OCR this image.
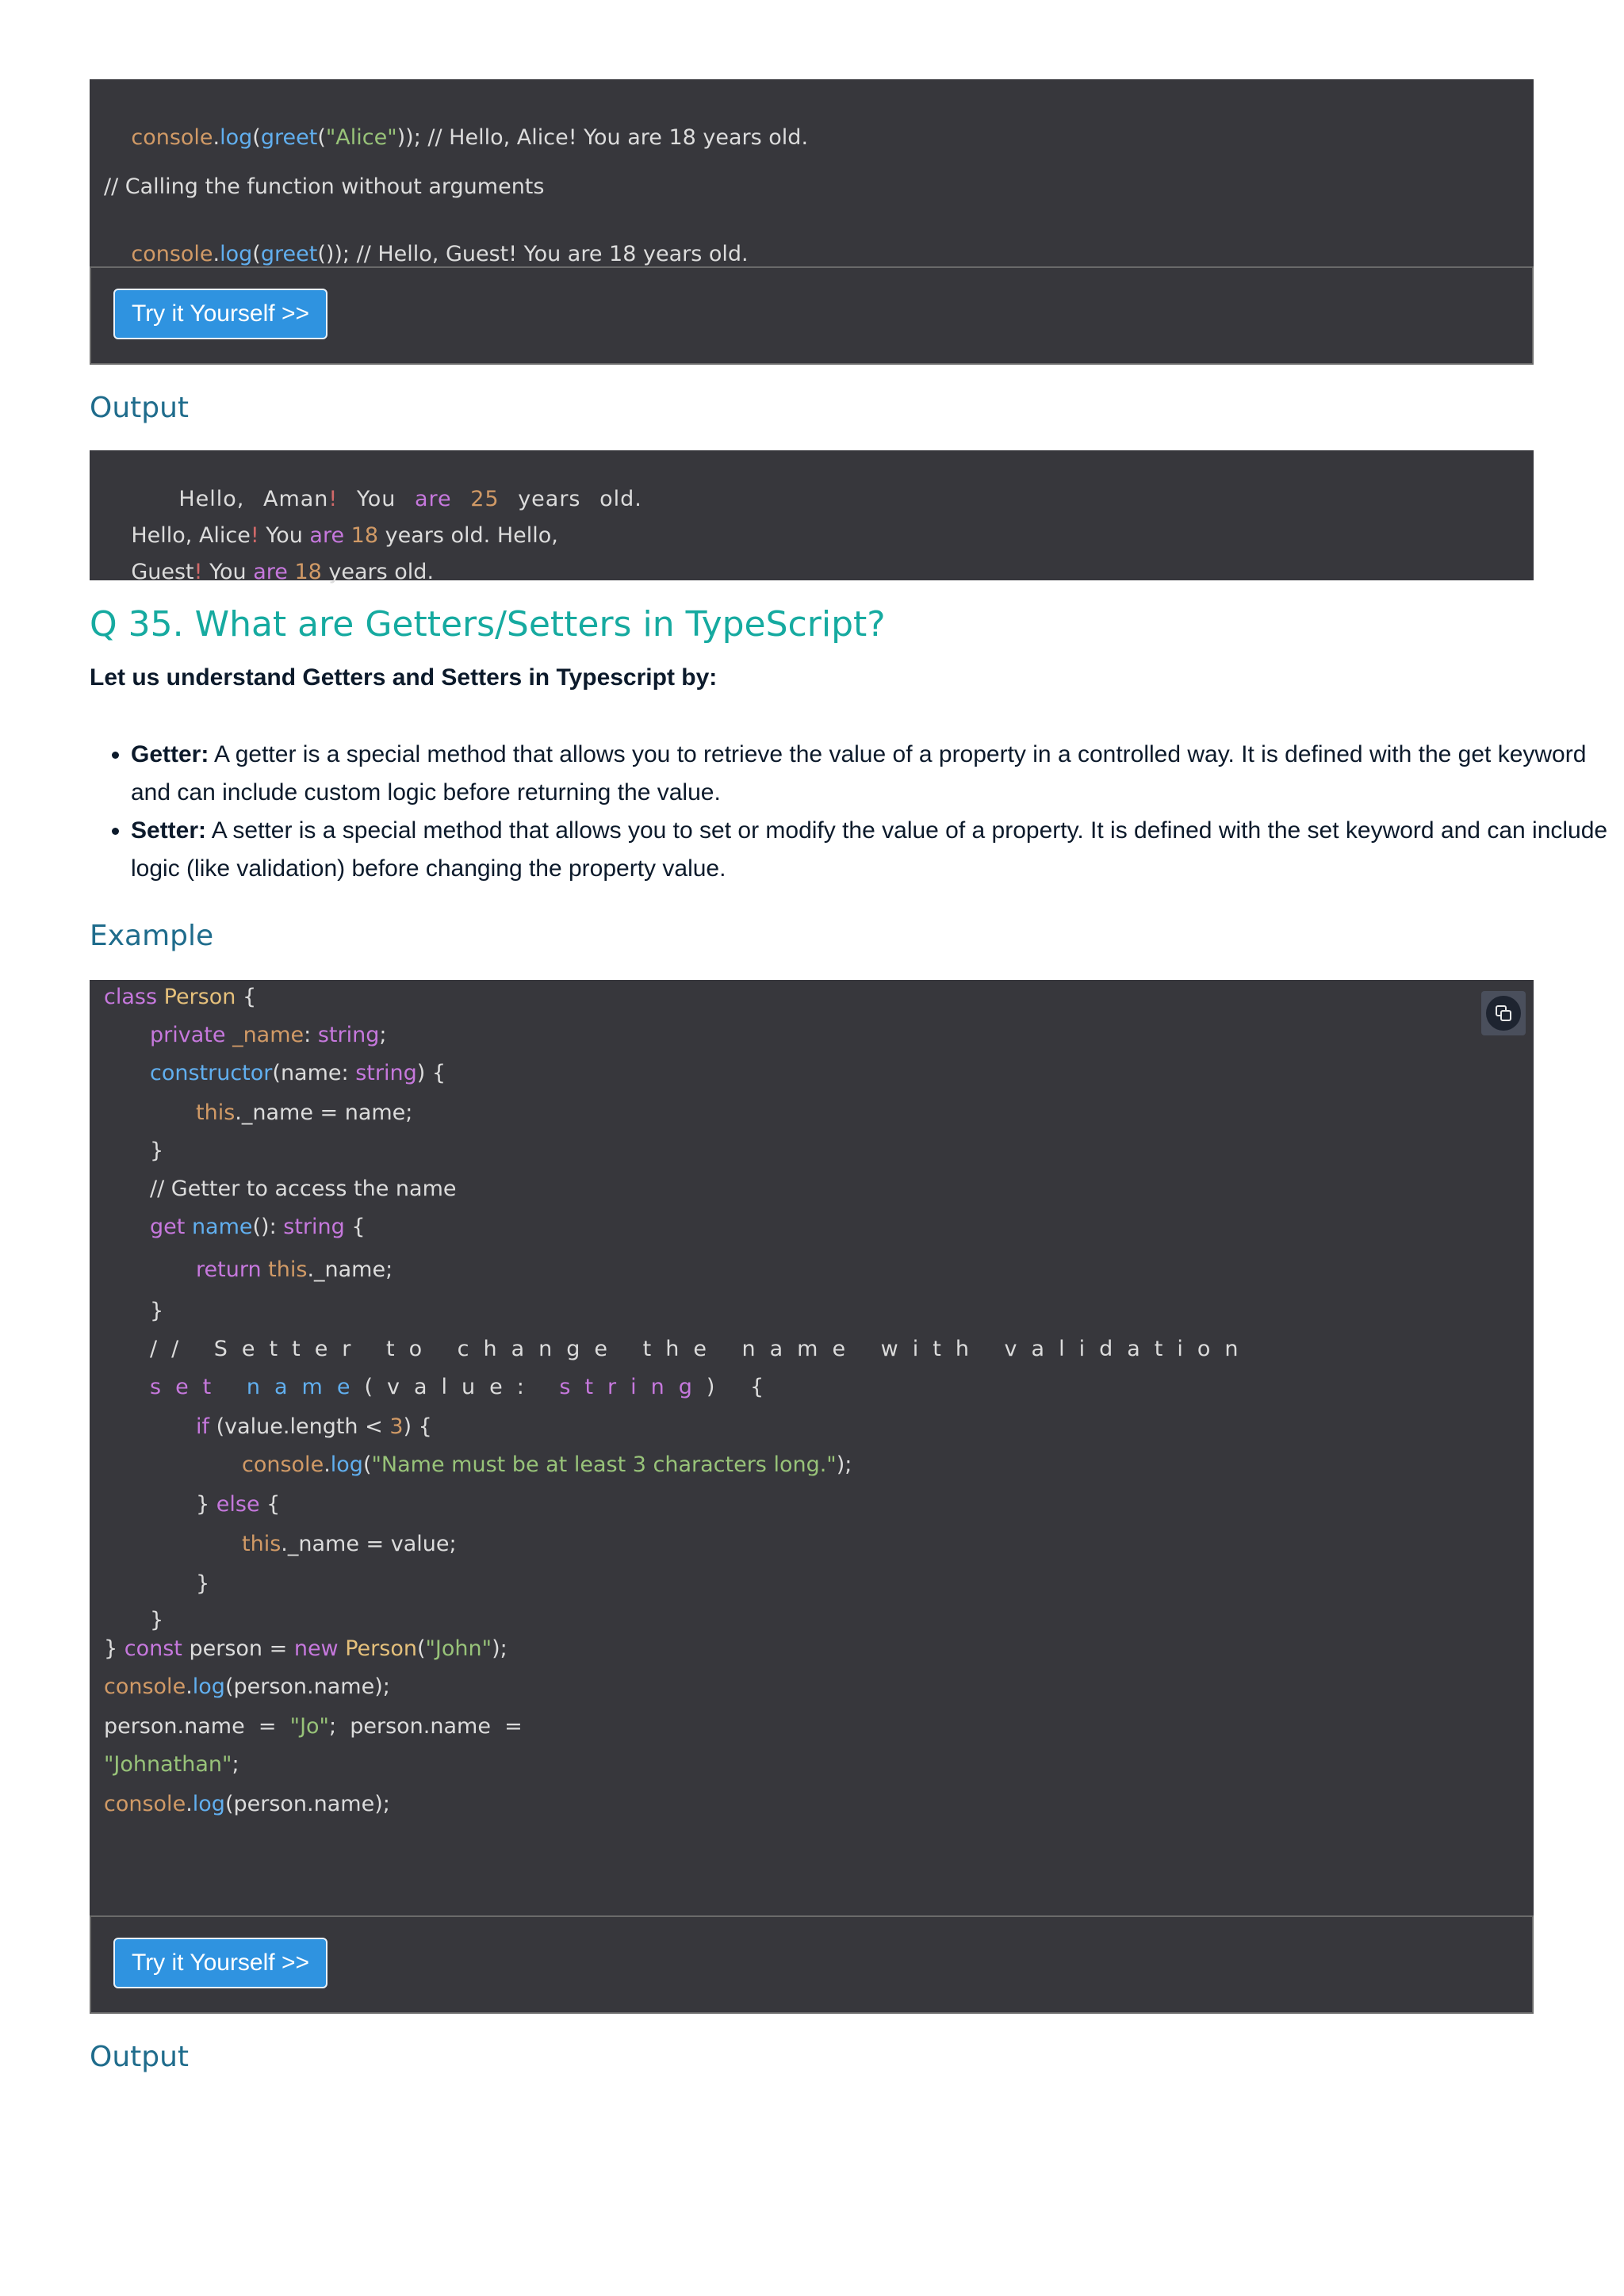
console.log(greet("Alice")); // Hello, Alice! You are 18 years old.

// Calling the function without arguments

console.log(greet()); // Hello, Guest! You are 18 years old.

Try it Yourself >>
Output

Hello, Aman! You are 25 years old.

Hello, Alice! You are 18 years old. Hello,

Guest! You are 18 years old.

Q 35. What are Getters/Setters in TypeScript?
Let us understand Getters and Setters in Typescript by:
• Getter: A getter is a special method that allows you to retrieve the value of a property in a controlled way. It is defined with the get keyword and can include custom logic before returning the value.
• Setter: A setter is a special method that allows you to set or modify the value of a property. It is defined with the set keyword and can include logic (like validation) before changing the property value.
Example
class Person {
private _name: string;
constructor(name: string) {
this._name = name;
}
// Getter to access the name
get name(): string {
return this._name;
}
// Setter to change the name with validation
set name(value: string) {
if (value.length < 3) {
console.log("Name must be at least 3 characters long.");
} else {
this._name = value;
}
}
} const person = new Person("John");
console.log(person.name);
person.name  =  "Jo";  person.name  =
"Johnathan";
console.log(person.name);
Try it Yourself >>
Output
